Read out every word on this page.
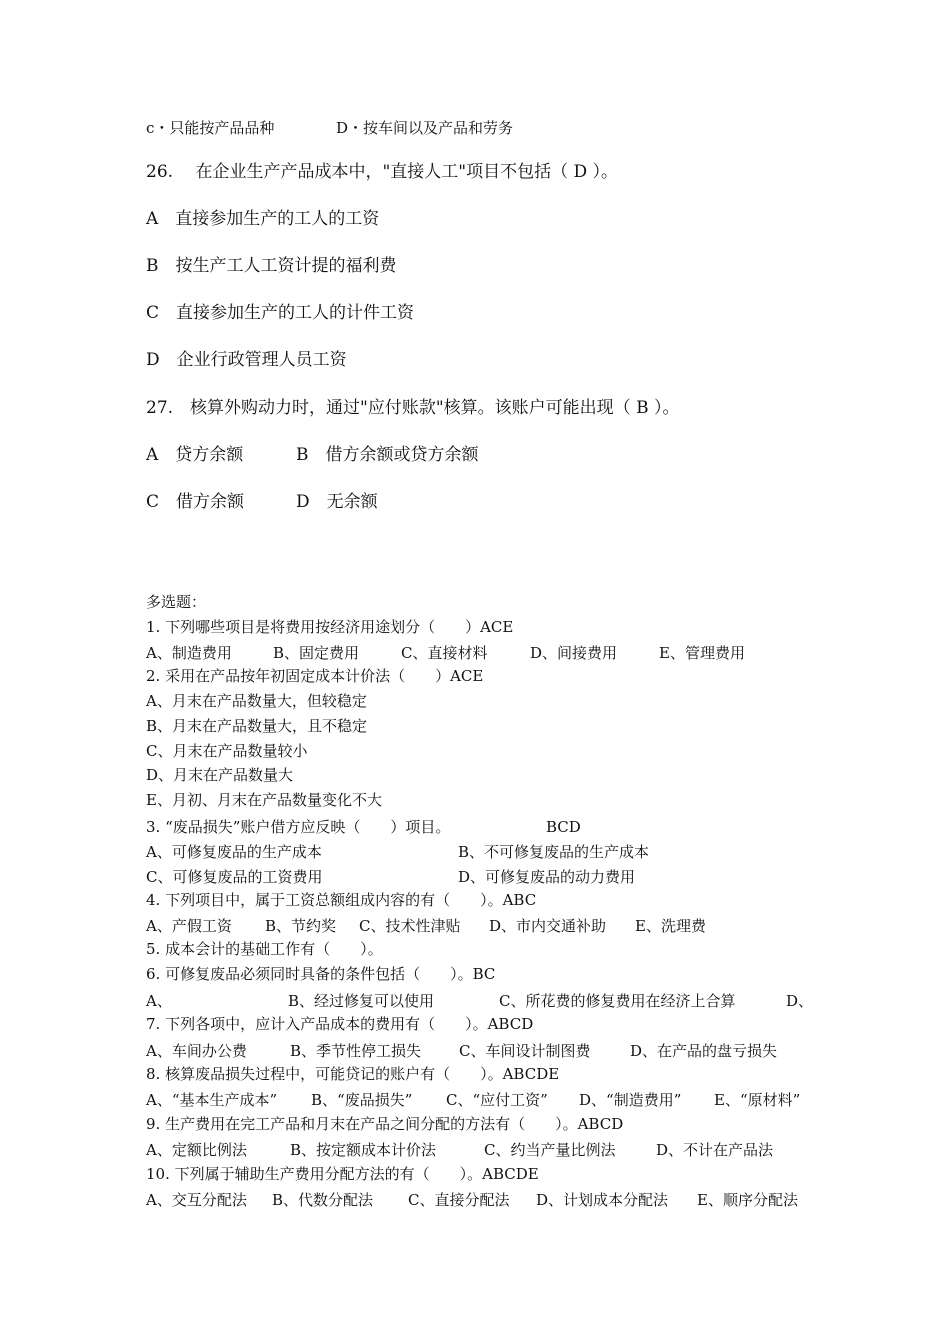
c・只能按产品品种	D・按车间以及产品和劳务
26.　 在企业生产产品成本中，"直接人工"项目不包括（ D ）。
A　直接参加生产的工人的工资
B　按生产工人工资计提的福利费
C　直接参加生产的工人的计件工资
D　企业行政管理人员工资
27.　核算外购动力时，通过"应付账款"核算。该账户可能出现（ B ）。
A　贷方余额	B　借方余额或贷方余额
C　借方余额	D　无余额
多选题：
1. 下列哪些项目是将费用按经济用途划分（　　）ACE
A、制造费用	B、固定费用	C、直接材料	D、间接费用	E、管理费用
2. 采用在产品按年初固定成本计价法（　　）ACE
A、月末在产品数量大，但较稳定
B、月末在产品数量大，且不稳定
C、月末在产品数量较小
D、月末在产品数量大
E、月初、月末在产品数量变化不大
3. “废品损失”账户借方应反映（　　）项目。	BCD
A、可修复废品的生产成本	B、不可修复废品的生产成本
C、可修复废品的工资费用	D、可修复废品的动力费用
4. 下列项目中，属于工资总额组成内容的有（　　）。ABC
A、产假工资 B、节约奖 C、技术性津贴 D、市内交通补助 E、洗理费
5. 成本会计的基础工作有（　　）。
6. 可修复废品必须同时具备的条件包括（　　）。BC
A、	B、经过修复可以使用	C、所花费的修复费用在经济上合算	D、
7. 下列各项中，应计入产品成本的费用有（　　）。ABCD
A、车间办公费	B、季节性停工损失	C、车间设计制图费	D、在产品的盘亏损失
8. 核算废品损失过程中，可能贷记的账户有（　　）。ABCDE
A、“基本生产成本” B、“废品损失” C、“应付工资” D、“制造费用” E、“原材料”
9. 生产费用在完工产品和月末在产品之间分配的方法有（　　）。ABCD
A、定额比例法	B、按定额成本计价法	C、约当产量比例法	D、不计在产品法
10. 下列属于辅助生产费用分配方法的有（　　）。ABCDE
A、交互分配法 B、代数分配法 C、直接分配法 D、计划成本分配法 E、顺序分配法
